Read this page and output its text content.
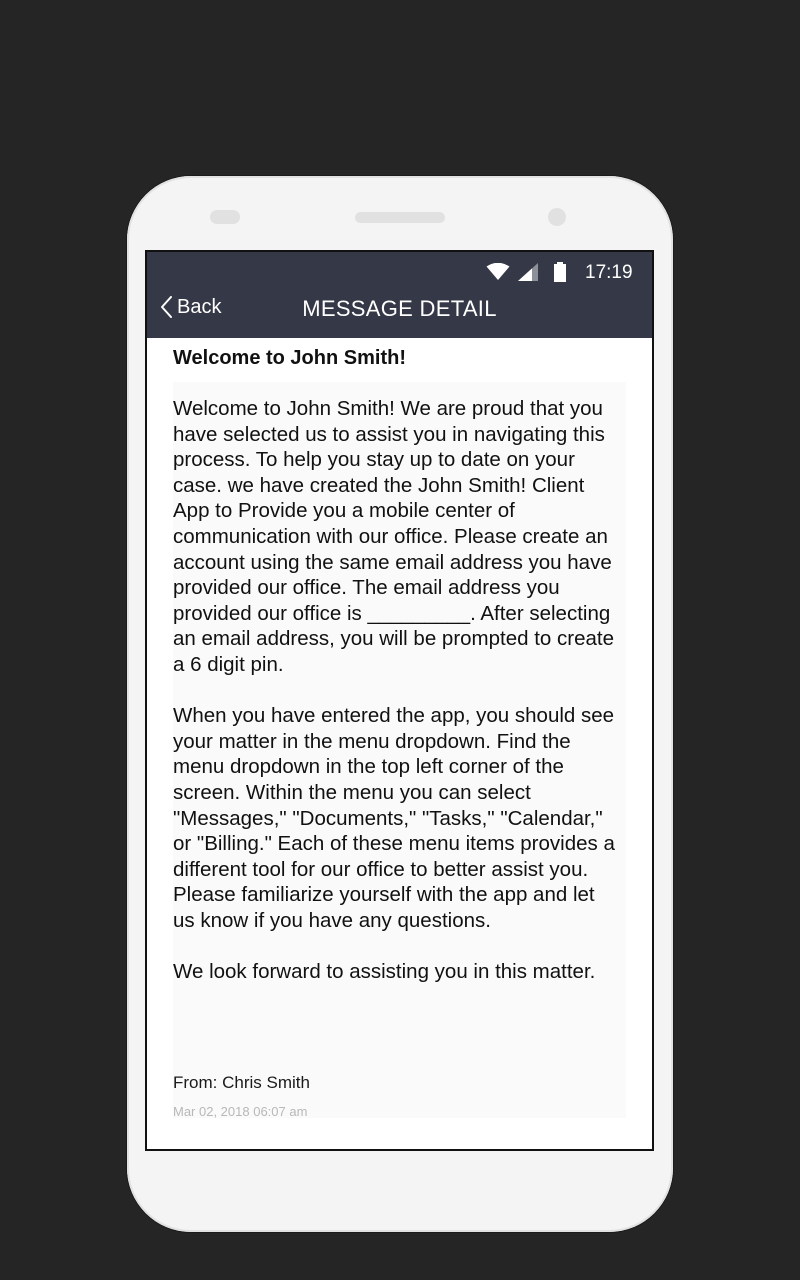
17:19
Back	MESSAGE DETAIL
Welcome to John Smith!

Welcome to John Smith! We are proud that you have selected us to assist you in navigating this process. To help you stay up to date on your case. we have created the John Smith! Client App to Provide you a mobile center of communication with our office. Please create an account using the same email address you have provided our office. The email address you provided our office is _________. After selecting an email address, you will be prompted to create a 6 digit pin.

When you have entered the app, you should see your matter in the menu dropdown. Find the menu dropdown in the top left corner of the screen. Within the menu you can select "Messages," "Documents," "Tasks," "Calendar," or "Billing." Each of these menu items provides a different tool for our office to better assist you. Please familiarize yourself with the app and let us know if you have any questions.

We look forward to assisting you in this matter.

From: Chris Smith
Mar 02, 2018 06:07 am
